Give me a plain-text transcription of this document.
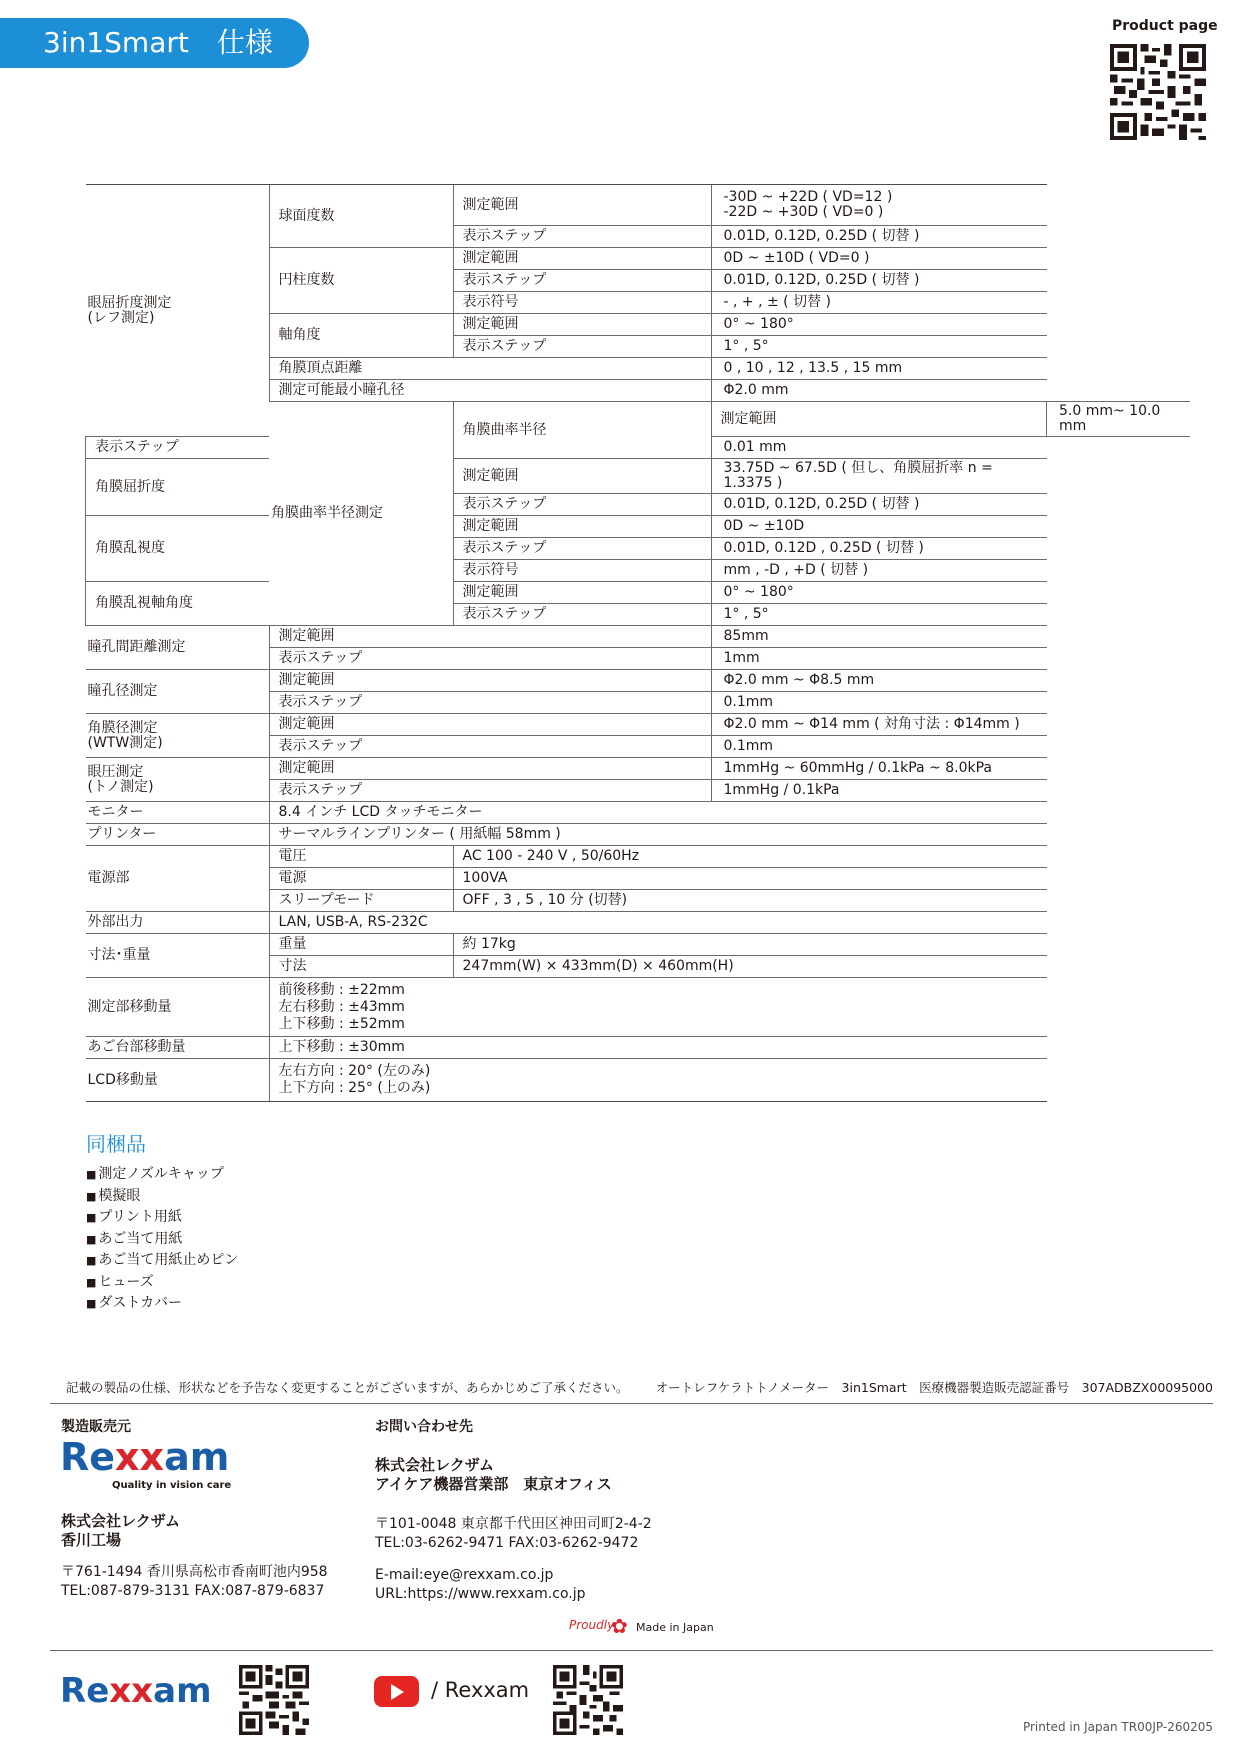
3in1Smart　仕様	Product page
眼屈折度測定
(レフ測定)	球面度数	測定範囲	-30D ~ +22D ( VD=12 )
-22D ~ +30D ( VD=0 )	
		表示ステップ	0.01D, 0.12D, 0.25D ( 切替 )	
	円柱度数	測定範囲	0D ~ ±10D ( VD=0 )	
		表示ステップ	0.01D, 0.12D, 0.25D ( 切替 )	
		表示符号	- , + , ± ( 切替 )	
	軸角度	測定範囲	0° ~ 180°	
		表示ステップ	1° , 5°	
	角膜頂点距離		0 , 10 , 12 , 13.5 , 15 mm	
	測定可能最小瞳孔径		Φ2.0 mm	
	角膜曲率半径測定	角膜曲率半径	測定範囲	5.0 mm~ 10.0 mm
表示ステップ			0.01 mm	
角膜屈折度		測定範囲	33.75D ~ 67.5D ( 但し、角膜屈折率 n = 1.3375 )	
		表示ステップ	0.01D, 0.12D, 0.25D ( 切替 )	
角膜乱視度		測定範囲	0D ~ ±10D	
		表示ステップ	0.01D, 0.12D , 0.25D ( 切替 )	
		表示符号	mm , -D , +D ( 切替 )	
角膜乱視軸角度		測定範囲	0° ~ 180°	
		表示ステップ	1° , 5°	
瞳孔間距離測定	測定範囲		85mm	
	表示ステップ		1mm	
瞳孔径測定	測定範囲		Φ2.0 mm ~ Φ8.5 mm	
	表示ステップ		0.1mm	
角膜径測定
(WTW測定)	測定範囲		Φ2.0 mm ~ Φ14 mm ( 対角寸法 : Φ14mm )	
	表示ステップ		0.1mm	
眼圧測定
(トノ測定)	測定範囲		1mmHg ~ 60mmHg / 0.1kPa ~ 8.0kPa	
	表示ステップ		1mmHg / 0.1kPa	
モニター	8.4 インチ LCD タッチモニター			
プリンター	サーマルラインプリンター ( 用紙幅 58mm )			
電源部	電圧	AC 100 - 240 V , 50/60Hz		
	電源	100VA		
	スリープモード	OFF , 3 , 5 , 10 分 (切替)		
外部出力	LAN, USB-A, RS-232C			
寸法･重量	重量	約 17kg		
	寸法	247mm(W) × 433mm(D) × 460mm(H)		
測定部移動量	前後移動 : ±22mm
左右移動 : ±43mm
上下移動 : ±52mm			
あご台部移動量	上下移動 : ±30mm			
LCD移動量	左右方向 : 20° (左のみ)
上下方向 : 25° (上のみ)			
同梱品
■ 測定ノズルキャップ
■ 模擬眼
■ プリント用紙
■ あご当て用紙
■ あご当て用紙止めピン
■ ヒューズ
■ ダストカバー
記載の製品の仕様、形状などを予告なく変更することがございますが、あらかじめご了承ください。 オートレフケラトトノメーター　3in1Smart　医療機器製造販売認証番号　307ADBZX00095000
製造販売元	お問い合わせ先
Rexxam
Quality in vision care
株式会社レクザム
香川工場
〒761-1494 香川県高松市香南町池内958
TEL:087-879-3131 FAX:087-879-6837
株式会社レクザム
アイケア機器営業部　東京オフィス
〒101-0048 東京都千代田区神田司町2-4-2
TEL:03-6262-9471 FAX:03-6262-9472
E-mail:eye@rexxam.co.jp
URL:https://www.rexxam.co.jp
Proudly
✿ Made in Japan
Rexxam	/ Rexxam
Printed in Japan TR00JP-260205
